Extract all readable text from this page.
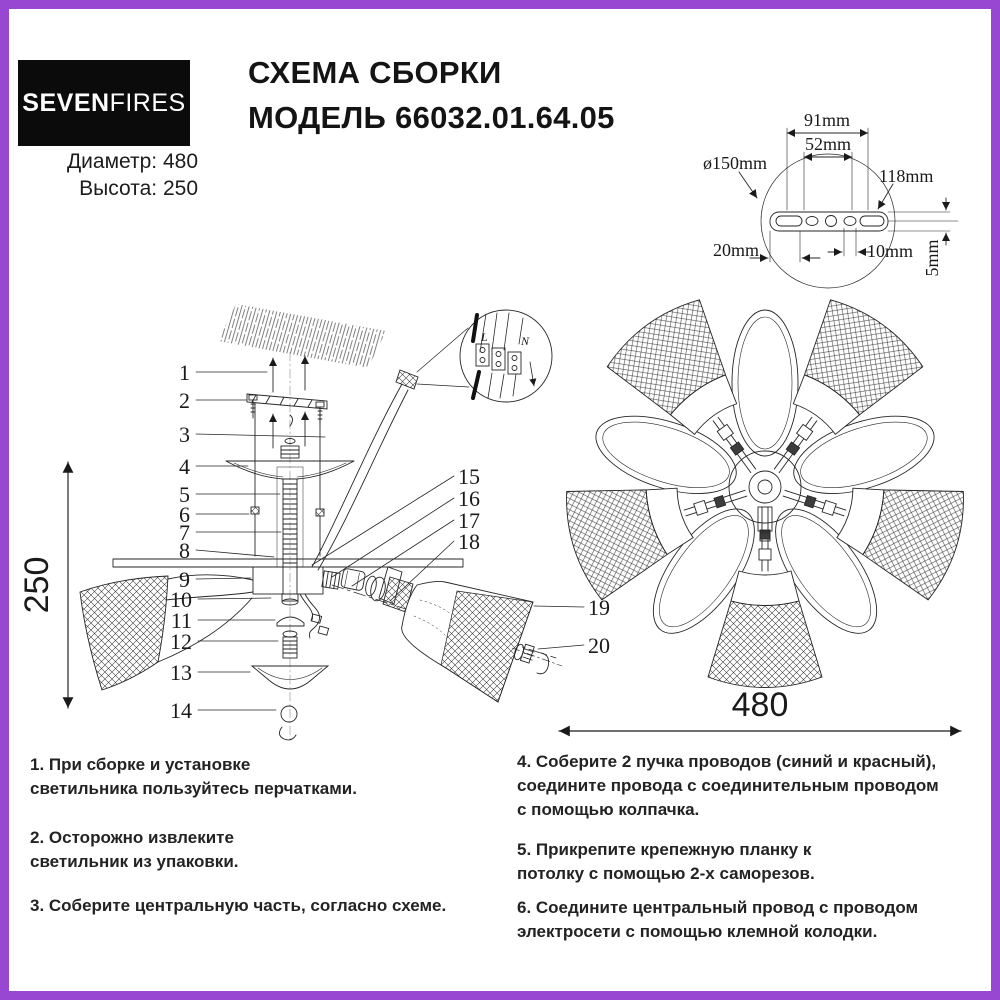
SEVEN FIRES
СХЕМА СБОРКИ
МОДЕЛЬ 66032.01.64.05
Диаметр: 480
Высота: 250
1
2
3
4
5
6
7
8
9
10
11
12
13
14
15
16
17
18
19
20
L	N
250
480
91mm
52mm
ø150mm
118mm
20mm	10mm 5mm
1. При сборке и установке
светильника пользуйтесь перчатками.
2. Осторожно извлеките
светильник из упаковки.
3. Соберите центральную часть, согласно схеме.
4. Соберите 2 пучка проводов (синий и красный),
соедините провода с соединительным проводом
с помощью колпачка.
5. Прикрепите крепежную планку к
потолку с помощью 2-х саморезов.
6. Соедините центральный провод с проводом
электросети с помощью клемной колодки.
